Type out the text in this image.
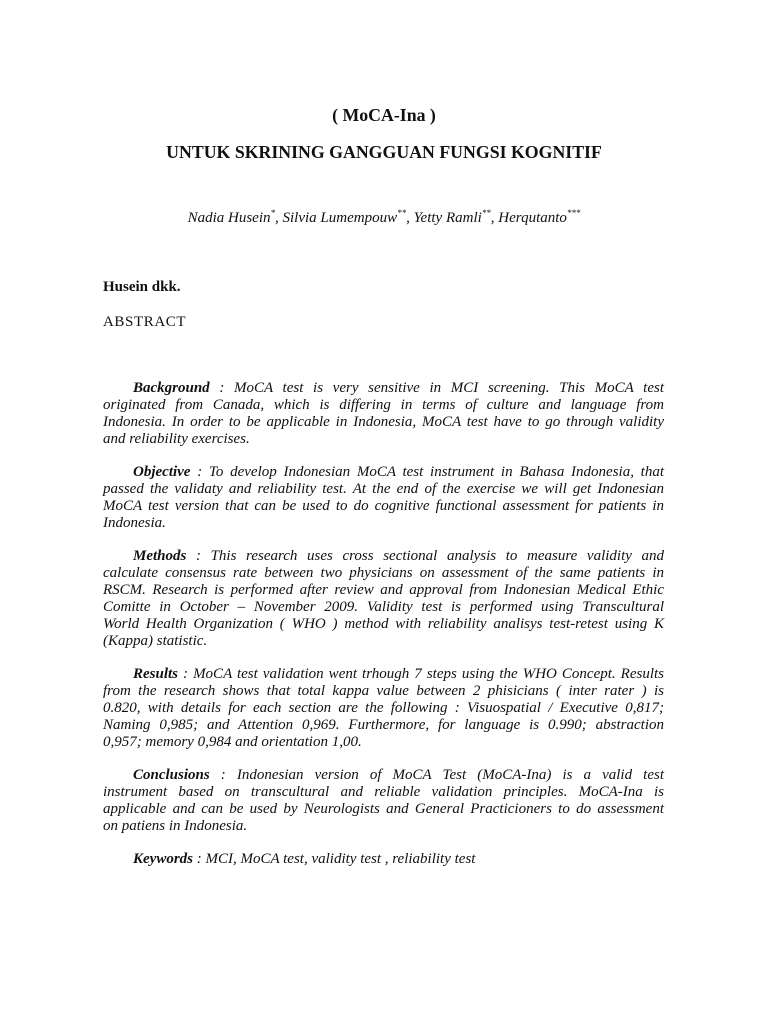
( MoCA-Ina )
UNTUK SKRINING GANGGUAN FUNGSI KOGNITIF
Nadia Husein*, Silvia Lumempouw**, Yetty Ramli**, Herqutanto***
Husein dkk.
ABSTRACT
Background : MoCA test is very sensitive in MCI screening. This MoCA test
originated from Canada, which is differing in terms of culture and language from
Indonesia. In order to be applicable in Indonesia, MoCA test have to go through validity
and reliability exercises.
Objective : To develop Indonesian MoCA test instrument in Bahasa Indonesia, that
passed the validaty and reliability test. At the end of the exercise we will get Indonesian
MoCA test version that can be used to do cognitive functional assessment for patients in
Indonesia.
Methods : This research uses cross sectional analysis to measure validity and
calculate consensus rate between two physicians on assessment of the same patients in
RSCM. Research is performed after review and approval from Indonesian Medical Ethic
Comitte in October – November 2009. Validity test is performed using Transcultural
World Health Organization ( WHO ) method with reliability analisys test-retest using K
(Kappa) statistic.
Results : MoCA test validation went trhough 7 steps using the WHO Concept. Results
from the research shows that total kappa value between 2 phisicians ( inter rater ) is
0.820, with details for each section are the following : Visuospatial / Executive 0,817;
Naming 0,985; and Attention 0,969. Furthermore, for language is 0.990; abstraction
0,957; memory 0,984 and orientation 1,00.
Conclusions : Indonesian version of MoCA Test (MoCA-Ina) is a valid test
instrument based on transcultural and reliable validation principles. MoCA-Ina is
applicable and can be used by Neurologists and General Practicioners to do assessment
on patiens in Indonesia.
Keywords : MCI, MoCA test, validity test , reliability test
